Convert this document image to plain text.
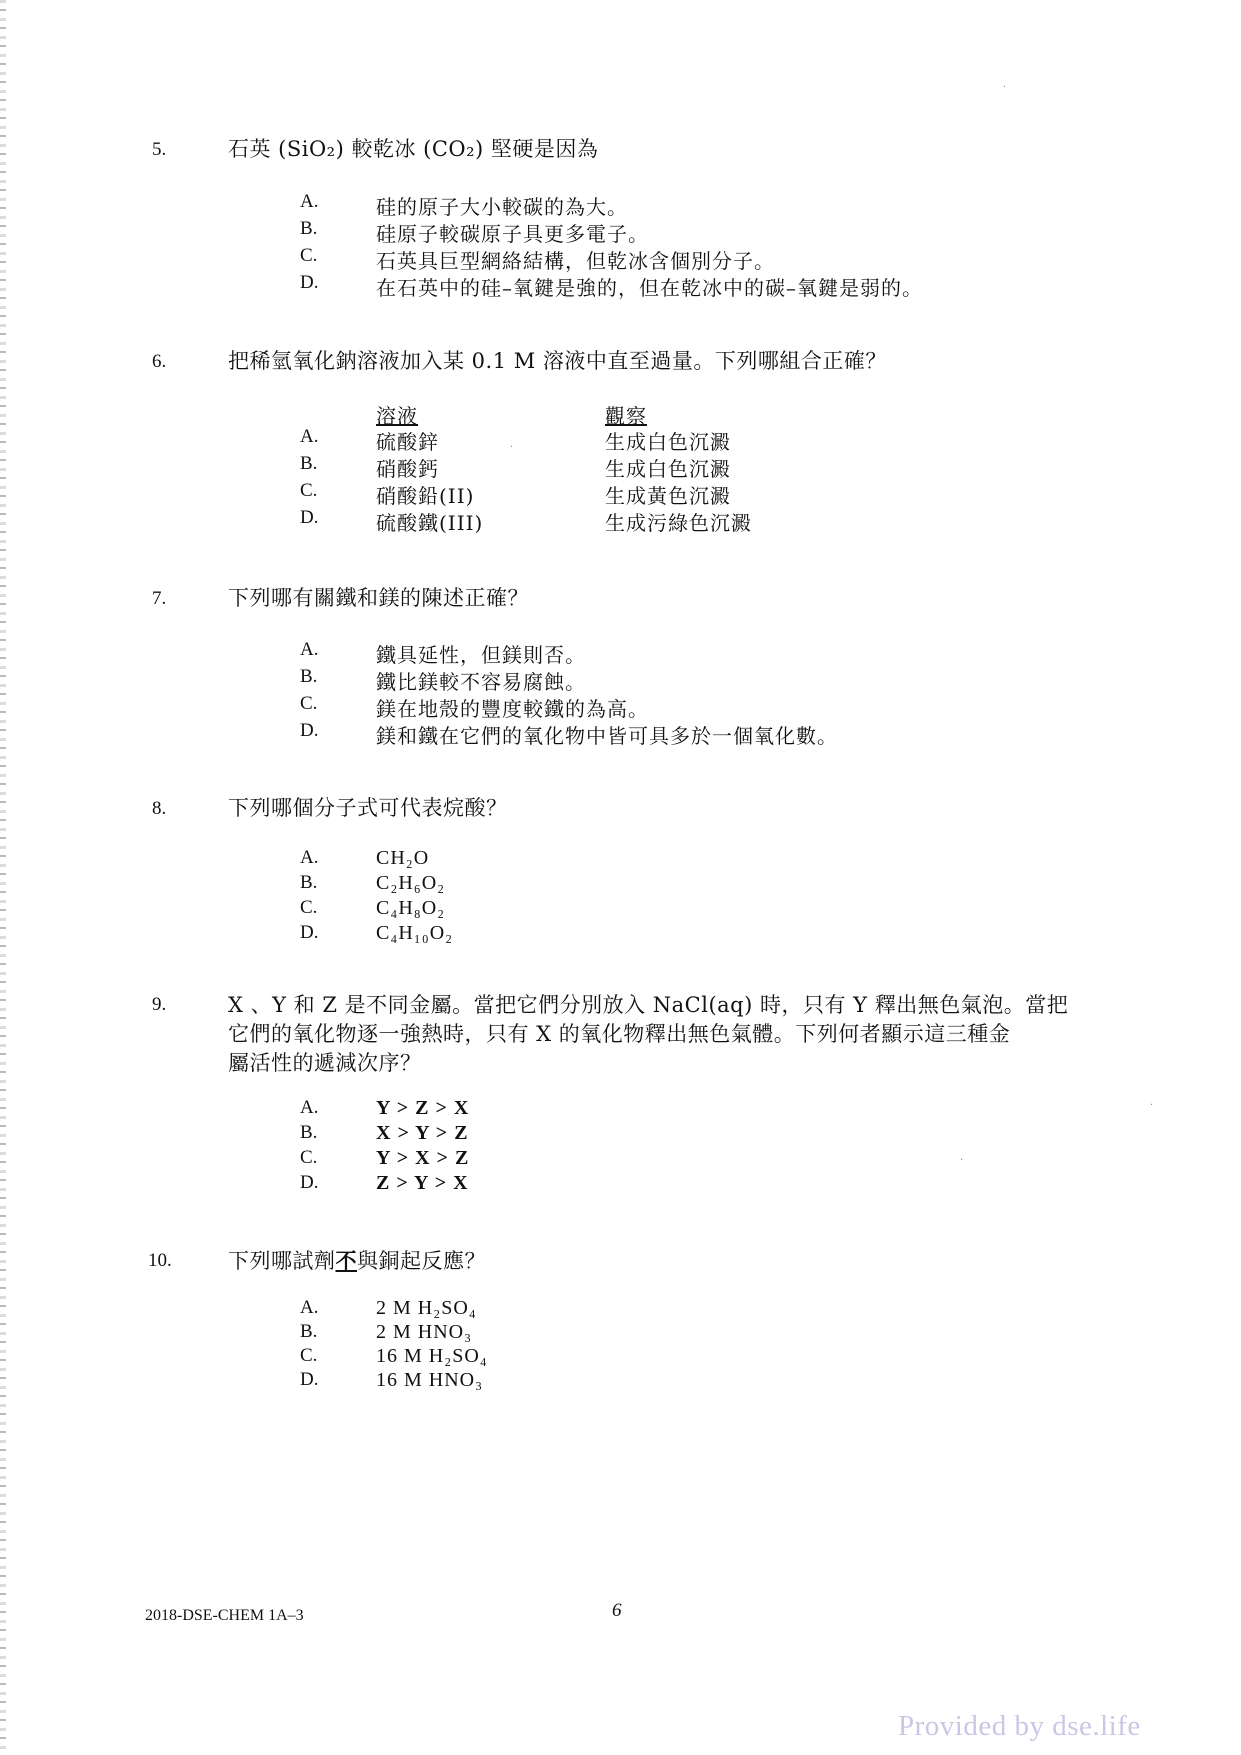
5.	石英 (SiO₂) 較乾冰 (CO₂) 堅硬是因為
A.	硅的原子大小較碳的為大。
B.	硅原子較碳原子具更多電子。
C.	石英具巨型網絡結構，但乾冰含個別分子。
D.	在石英中的硅–氧鍵是強的，但在乾冰中的碳–氧鍵是弱的。
6.	把稀氫氧化鈉溶液加入某 0.1 M 溶液中直至過量。下列哪組合正確？
溶液	觀察
A.	硫酸鋅	生成白色沉澱
B.	硝酸鈣	生成白色沉澱
C.	硝酸鉛(II)	生成黃色沉澱
D.	硫酸鐵(III)	生成污綠色沉澱
7.	下列哪有關鐵和鎂的陳述正確？
A.	鐵具延性，但鎂則否。
B.	鐵比鎂較不容易腐蝕。
C.	鎂在地殼的豐度較鐵的為高。
D.	鎂和鐵在它們的氧化物中皆可具多於一個氧化數。
8.	下列哪個分子式可代表烷酸？
A.	CH₂O
B.	C₂H₆O₂
C.	C₄H₈O₂
D.	C₄H₁₀O₂
9.	X 、Y 和 Z 是不同金屬。當把它們分別放入 NaCl(aq) 時，只有 Y 釋出無色氣泡。當把
它們的氧化物逐一強熱時，只有 X 的氧化物釋出無色氣體。下列何者顯示這三種金
屬活性的遞減次序？
A.	Y > Z > X
B.	X > Y > Z
C.	Y > X > Z
D.	Z > Y > X
10.	下列哪試劑不與銅起反應？
A.	2 M H₂SO₄
B.	2 M HNO₃
C.	16 M H₂SO₄
D.	16 M HNO₃
2018-DSE-CHEM 1A–3	6
Provided by dse.life
·
·
·
·
